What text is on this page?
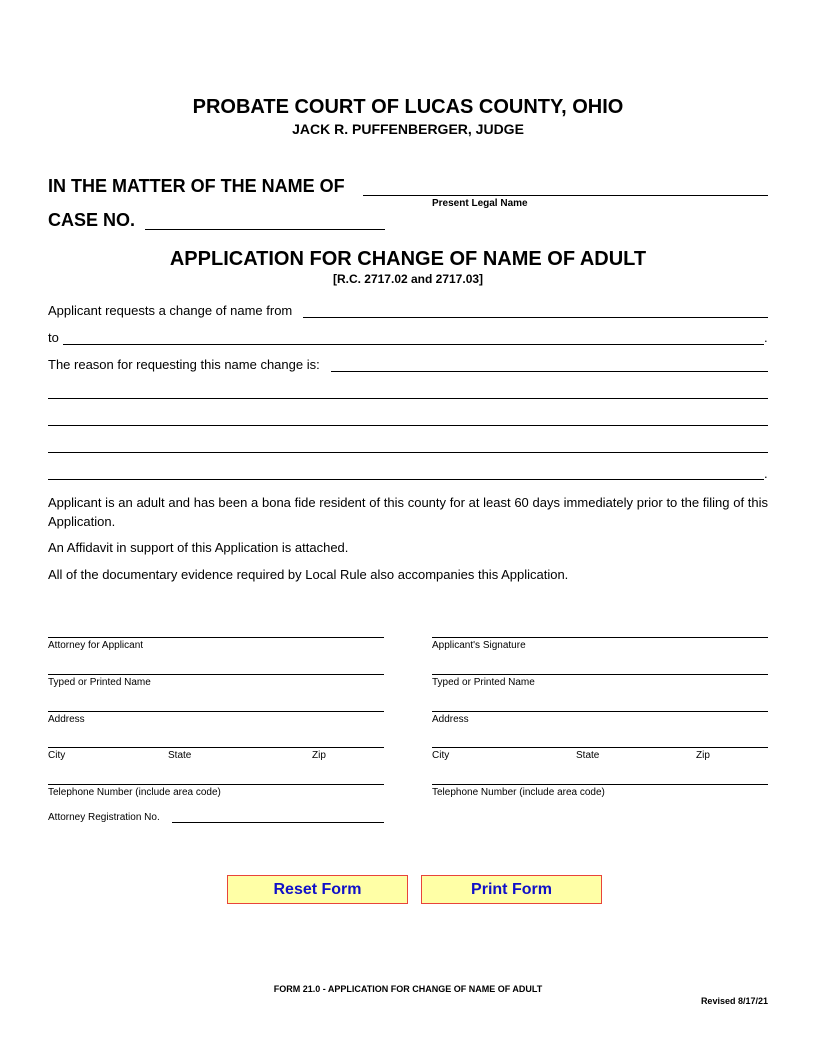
PROBATE COURT OF LUCAS COUNTY, OHIO
JACK R. PUFFENBERGER, JUDGE
IN THE MATTER OF THE NAME OF
Present Legal Name
CASE NO.
APPLICATION FOR CHANGE OF NAME OF ADULT
[R.C. 2717.02 and 2717.03]
Applicant requests a change of name from
to	.
The reason for requesting this name change is:
.
Applicant is an adult and has been a bona fide resident of this county for at least 60 days immediately prior to the filing of this Application.
An Affidavit in support of this Application is attached.
All of the documentary evidence required by Local Rule also accompanies this Application.
Attorney for Applicant
Typed or Printed Name
Address
City	State	Zip
Telephone Number (include area code)
Attorney Registration No.
Applicant's Signature
Typed or Printed Name
Address
City	State	Zip
Telephone Number (include area code)
Reset Form	Print Form
FORM 21.0 - APPLICATION FOR CHANGE OF NAME OF ADULT
Revised 8/17/21
